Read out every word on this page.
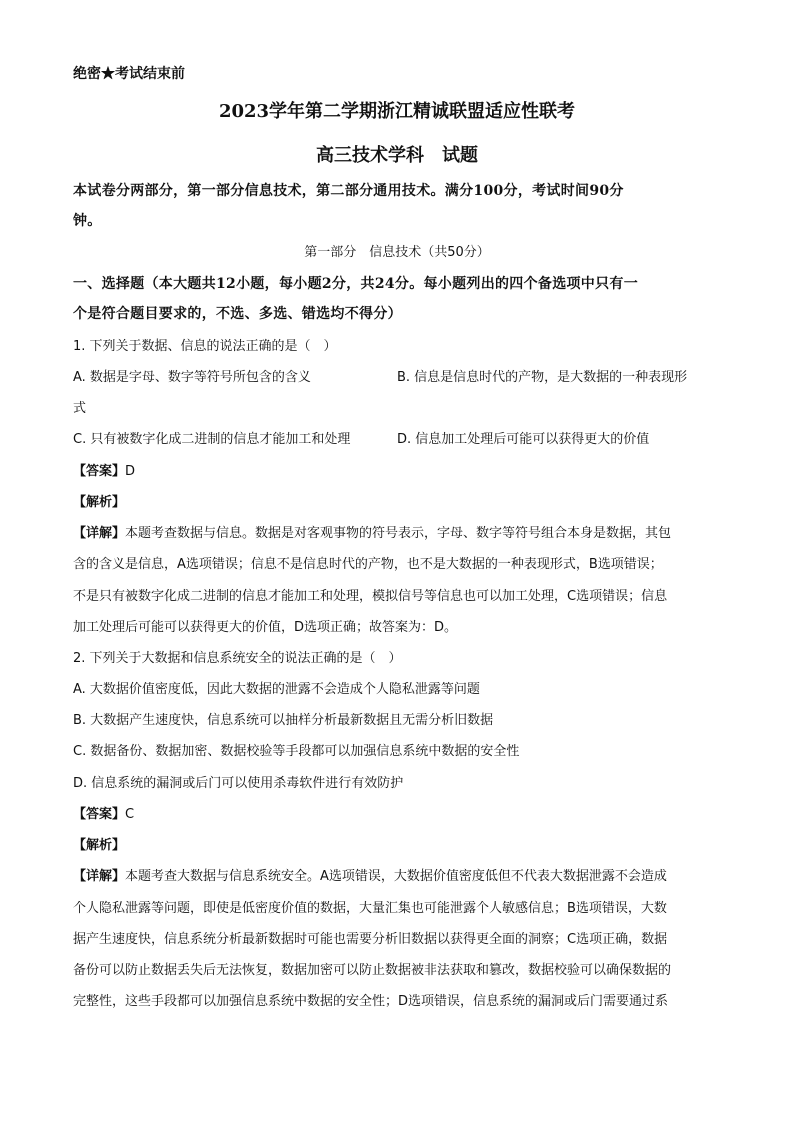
绝密★考试结束前
2023学年第二学期浙江精诚联盟适应性联考
高三技术学科　试题
本试卷分两部分，第一部分信息技术，第二部分通用技术。满分100分，考试时间90分
钟。
第一部分　信息技术（共50分）
一、选择题（本大题共12小题，每小题2分，共24分。每小题列出的四个备选项中只有一
个是符合题目要求的，不选、多选、错选均不得分）
1. 下列关于数据、信息的说法正确的是（　）
A. 数据是字母、数字等符号所包含的含义	B. 信息是信息时代的产物，是大数据的一种表现形
式
C. 只有被数字化成二进制的信息才能加工和处理	D. 信息加工处理后可能可以获得更大的价值
【答案】D
【解析】
【详解】本题考查数据与信息。数据是对客观事物的符号表示，字母、数字等符号组合本身是数据，其包
含的含义是信息，A选项错误；信息不是信息时代的产物，也不是大数据的一种表现形式，B选项错误；
不是只有被数字化成二进制的信息才能加工和处理，模拟信号等信息也可以加工处理，C选项错误；信息
加工处理后可能可以获得更大的价值，D选项正确；故答案为：D。
2. 下列关于大数据和信息系统安全的说法正确的是（　）
A. 大数据价值密度低，因此大数据的泄露不会造成个人隐私泄露等问题
B. 大数据产生速度快，信息系统可以抽样分析最新数据且无需分析旧数据
C. 数据备份、数据加密、数据校验等手段都可以加强信息系统中数据的安全性
D. 信息系统的漏洞或后门可以使用杀毒软件进行有效防护
【答案】C
【解析】
【详解】本题考查大数据与信息系统安全。A选项错误，大数据价值密度低但不代表大数据泄露不会造成
个人隐私泄露等问题，即使是低密度价值的数据，大量汇集也可能泄露个人敏感信息；B选项错误，大数
据产生速度快，信息系统分析最新数据时可能也需要分析旧数据以获得更全面的洞察；C选项正确，数据
备份可以防止数据丢失后无法恢复，数据加密可以防止数据被非法获取和篡改，数据校验可以确保数据的
完整性，这些手段都可以加强信息系统中数据的安全性；D选项错误，信息系统的漏洞或后门需要通过系
